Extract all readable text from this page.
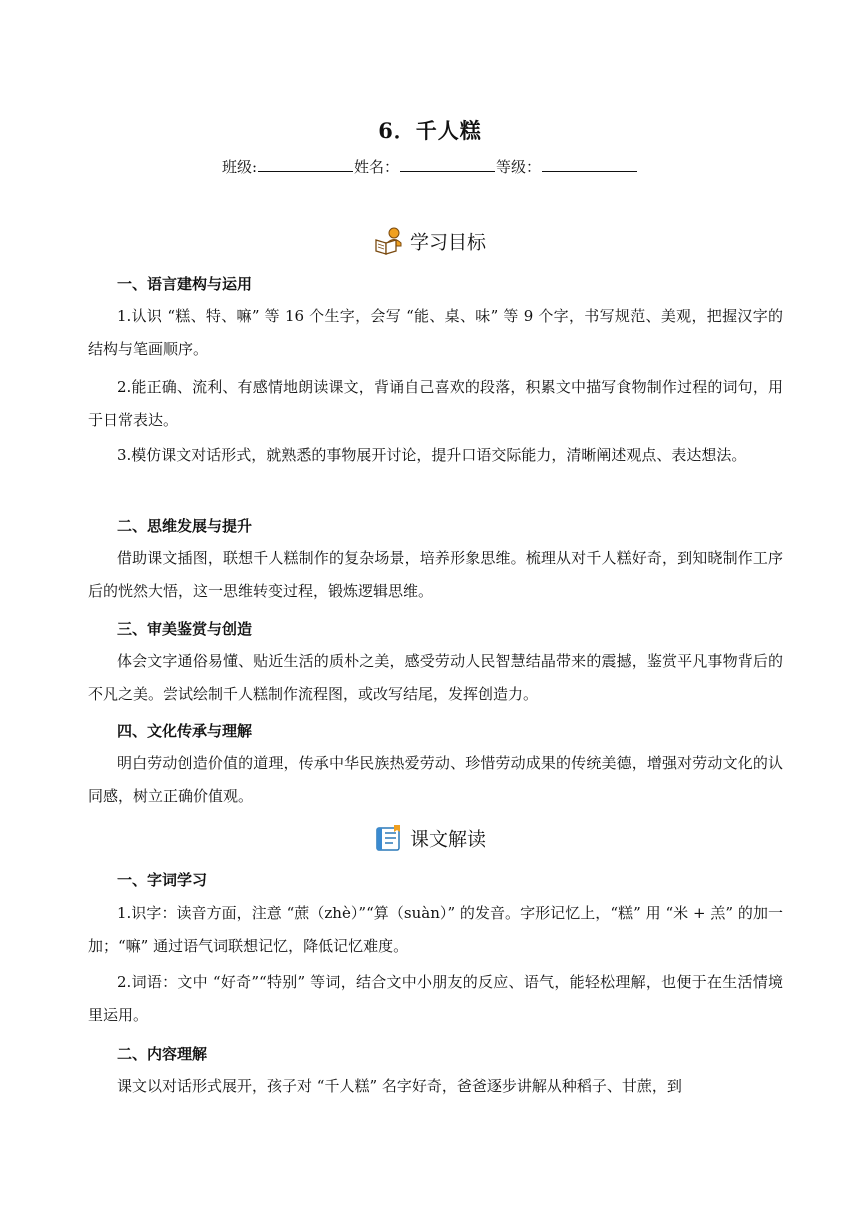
6．千人糕
班级:	姓名：	等级：
学习目标
一、语言建构与运用

1.认识 “糕、特、嘛” 等 16 个生字，会写 “能、桌、味” 等 9 个字，书写规范、美观，把握汉字的结构与笔画顺序。

2.能正确、流利、有感情地朗读课文，背诵自己喜欢的段落，积累文中描写食物制作过程的词句，用于日常表达。

3.模仿课文对话形式，就熟悉的事物展开讨论，提升口语交际能力，清晰阐述观点、表达想法。

二、思维发展与提升

借助课文插图，联想千人糕制作的复杂场景，培养形象思维。梳理从对千人糕好奇，到知晓制作工序后的恍然大悟，这一思维转变过程，锻炼逻辑思维。

三、审美鉴赏与创造

体会文字通俗易懂、贴近生活的质朴之美，感受劳动人民智慧结晶带来的震撼，鉴赏平凡事物背后的不凡之美。尝试绘制千人糕制作流程图，或改写结尾，发挥创造力。

四、文化传承与理解

明白劳动创造价值的道理，传承中华民族热爱劳动、珍惜劳动成果的传统美德，增强对劳动文化的认同感，树立正确价值观。

课文解读
一、字词学习

1.识字：读音方面，注意 “蔗（zhè）”“算（suàn）” 的发音。字形记忆上，“糕” 用 “米 + 羔” 的加一加；“嘛” 通过语气词联想记忆，降低记忆难度。

2.词语：文中 “好奇”“特别” 等词，结合文中小朋友的反应、语气，能轻松理解，也便于在生活情境里运用。

二、内容理解

课文以对话形式展开，孩子对 “千人糕” 名字好奇，爸爸逐步讲解从种稻子、甘蔗，到
